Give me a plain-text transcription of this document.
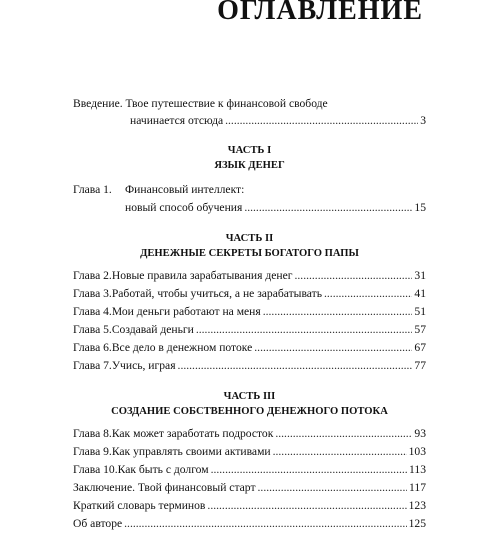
ОГЛАВЛЕНИЕ
Введение. Твое путешествие к финансовой свободе
начинается отсюда .....	3
ЧАСТЬ I
ЯЗЫК ДЕНЕГ
Глава 1.	Финансовый интеллект:
новый способ обучения .....	15
ЧАСТЬ II
ДЕНЕЖНЫЕ СЕКРЕТЫ БОГАТОГО ПАПЫ
Глава 2. Новые правила зарабатывания денег .....	31
Глава 3. Работай, чтобы учиться, а не зарабатывать .....	41
Глава 4. Мои деньги работают на меня .....	51
Глава 5. Создавай деньги .....	57
Глава 6. Все дело в денежном потоке .....	67
Глава 7. Учись, играя .....	77
ЧАСТЬ III
СОЗДАНИЕ СОБСТВЕННОГО ДЕНЕЖНОГО ПОТОКА
Глава 8. Как может заработать подросток .....	93
Глава 9. Как управлять своими активами .....	103
Глава 10. Как быть с долгом .....	113
Заключение. Твой финансовый старт .....	117
Краткий словарь терминов .....	123
Об авторе .....	125
